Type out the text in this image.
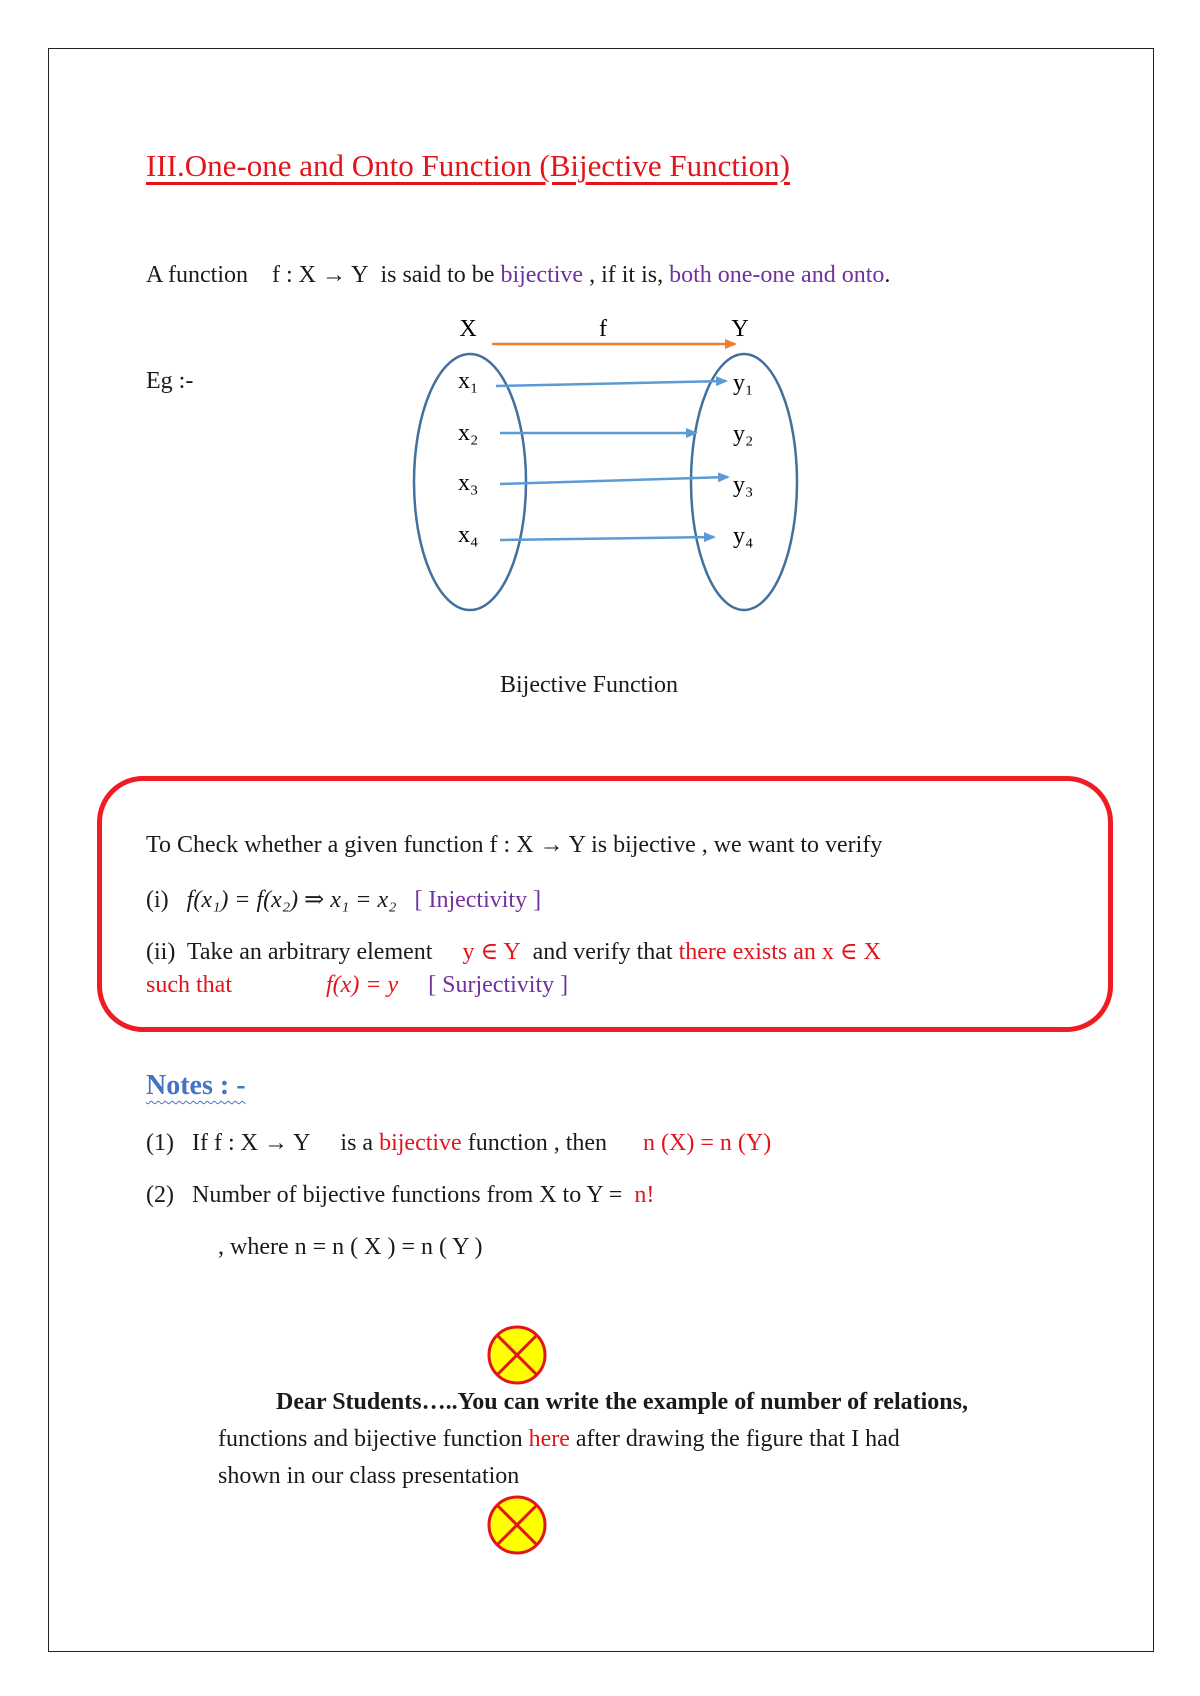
III.One-one and Onto Function (Bijective Function)
A function f : X → Y is said to be bijective , if it is, both one-one and onto.
Eg :-
X	f	Y
x₁
x₂
x₃
x₄
y₁
y₂
y₃
y₄
Bijective Function
To Check whether a given function f : X → Y is bijective , we want to verify
(i) f(x₁) = f(x₂) ⇒ x₁ = x₂ [ Injectivity ]
(ii) Take an arbitrary element y ∈ Y and verify that there exists an x ∈ X
such that	f(x) = y [ Surjectivity ]
Notes : -
(1) If f : X → Y is a bijective function , then n (X) = n (Y)
(2) Number of bijective functions from X to Y = n!
, where n = n ( X ) = n ( Y )
Dear Students…..You can write the example of number of relations,
functions and bijective function here after drawing the figure that I had
shown in our class presentation
